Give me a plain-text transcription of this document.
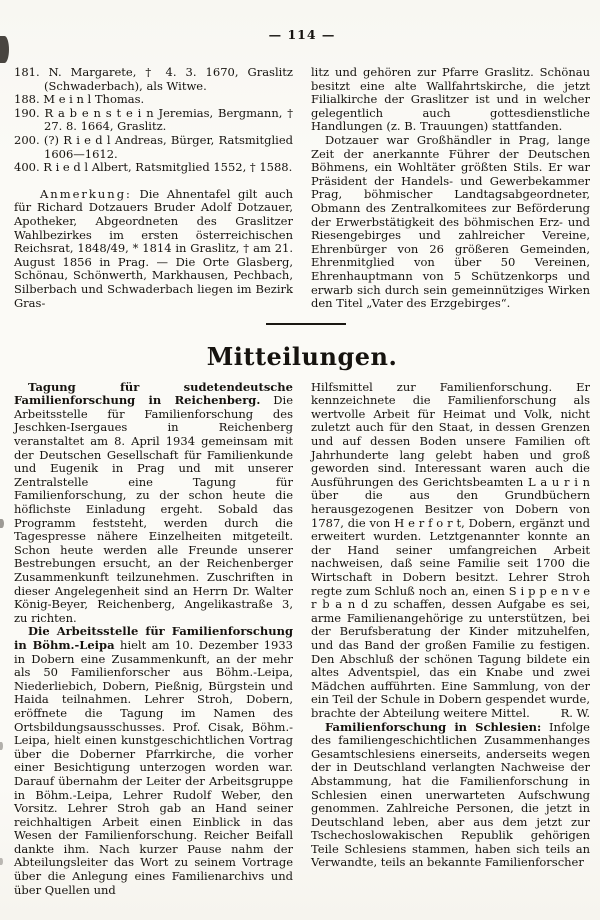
— 114 —
181. N. Margarete, † 4. 3. 1670, Graslitz (Schwaderbach), als Witwe.
188. M e i n l Thomas.
190. R a b e n s t e i n Jeremias, Bergmann, † 27. 8. 1664, Graslitz.
200. (?) R i e d l Andreas, Bürger, Ratsmitglied 1606—1612.
400. R i e d l Albert, Ratsmitglied 1552, † 1588.

Anmerkung: Die Ahnentafel gilt auch für Richard Dotzauers Bruder Adolf Dotzauer, Apotheker, Abgeordneten des Graslitzer Wahlbezirkes im ersten österreichischen Reichsrat, 1848/49, * 1814 in Graslitz, † am 21. August 1856 in Prag. — Die Orte Glasberg, Schönau, Schönwerth, Markhausen, Pechbach, Silberbach und Schwaderbach liegen im Bezirk Gras-

litz und gehören zur Pfarre Graslitz. Schönau besitzt eine alte Wallfahrtskirche, die jetzt Filialkirche der Graslitzer ist und in welcher gelegentlich auch gottesdienstliche Handlungen (z. B. Trauungen) stattfanden.

Dotzauer war Großhändler in Prag, lange Zeit der anerkannte Führer der Deutschen Böhmens, ein Wohltäter größten Stils. Er war Präsident der Handels- und Gewerbekammer Prag, böhmischer Landtagsabgeordneter, Obmann des Zentralkomitees zur Beförderung der Erwerbstätigkeit des böhmischen Erz- und Riesengebirges und zahlreicher Vereine, Ehrenbürger von 26 größeren Gemeinden, Ehrenmitglied von über 50 Vereinen, Ehrenhauptmann von 5 Schützenkorps und erwarb sich durch sein gemeinnütziges Wirken den Titel „Vater des Erzgebirges“.

Mitteilungen.

Tagung für sudetendeutsche Familienforschung in Reichenberg. Die Arbeitsstelle für Familienforschung des Jeschken-Isergaues in Reichenberg veranstaltet am 8. April 1934 gemeinsam mit der Deutschen Gesellschaft für Familienkunde und Eugenik in Prag und mit unserer Zentralstelle eine Tagung für Familienforschung, zu der schon heute die höflichste Einladung ergeht. Sobald das Programm feststeht, werden durch die Tagespresse nähere Einzelheiten mitgeteilt. Schon heute werden alle Freunde unserer Bestrebungen ersucht, an der Reichenberger Zusammenkunft teilzunehmen. Zuschriften in dieser Angelegenheit sind an Herrn Dr. Walter König-Beyer, Reichenberg, Angelikastraße 3, zu richten.

Die Arbeitsstelle für Familienforschung in Böhm.-Leipa hielt am 10. Dezember 1933 in Dobern eine Zusammenkunft, an der mehr als 50 Familienforscher aus Böhm.-Leipa, Niederliebich, Dobern, Pießnig, Bürgstein und Haida teilnahmen. Lehrer Stroh, Dobern, eröffnete die Tagung im Namen des Ortsbildungsausschusses. Prof. Cisak, Böhm.-Leipa, hielt einen kunstgeschichtlichen Vortrag über die Doberner Pfarrkirche, die vorher einer Besichtigung unterzogen worden war. Darauf übernahm der Leiter der Arbeitsgruppe in Böhm.-Leipa, Lehrer Rudolf Weber, den Vorsitz. Lehrer Stroh gab an Hand seiner reichhaltigen Arbeit einen Einblick in das Wesen der Familienforschung. Reicher Beifall dankte ihm. Nach kurzer Pause nahm der Abteilungsleiter das Wort zu seinem Vortrage über die Anlegung eines Familienarchivs und über Quellen und

Hilfsmittel zur Familienforschung. Er kennzeichnete die Familienforschung als wertvolle Arbeit für Heimat und Volk, nicht zuletzt auch für den Staat, in dessen Grenzen und auf dessen Boden unsere Familien oft Jahrhunderte lang gelebt haben und groß geworden sind. Interessant waren auch die Ausführungen des Gerichtsbeamten L a u r i n über die aus den Grundbüchern herausgezogenen Besitzer von Dobern von 1787, die von H e r f o r t, Dobern, ergänzt und erweitert wurden. Letztgenannter konnte an der Hand seiner umfangreichen Arbeit nachweisen, daß seine Familie seit 1700 die Wirtschaft in Dobern besitzt. Lehrer Stroh regte zum Schluß noch an, einen S i p p e n v e r b a n d zu schaffen, dessen Aufgabe es sei, arme Familienangehörige zu unterstützen, bei der Berufsberatung der Kinder mitzuhelfen, und das Band der großen Familie zu festigen. Den Abschluß der schönen Tagung bildete ein altes Adventspiel, das ein Knabe und zwei Mädchen aufführten. Eine Sammlung, von der ein Teil der Schule in Dobern gespendet wurde, brachte der Abteilung weitere Mittel.	R. W.

Familienforschung in Schlesien: Infolge des familiengeschichtlichen Zusammenhanges Gesamtschlesiens einerseits, anderseits wegen der in Deutschland verlangten Nachweise der Abstammung, hat die Familienforschung in Schlesien einen unerwarteten Aufschwung genommen. Zahlreiche Personen, die jetzt in Deutschland leben, aber aus dem jetzt zur Tschechoslowakischen Republik gehörigen Teile Schlesiens stammen, haben sich teils an Verwandte, teils an bekannte Familienforscher
